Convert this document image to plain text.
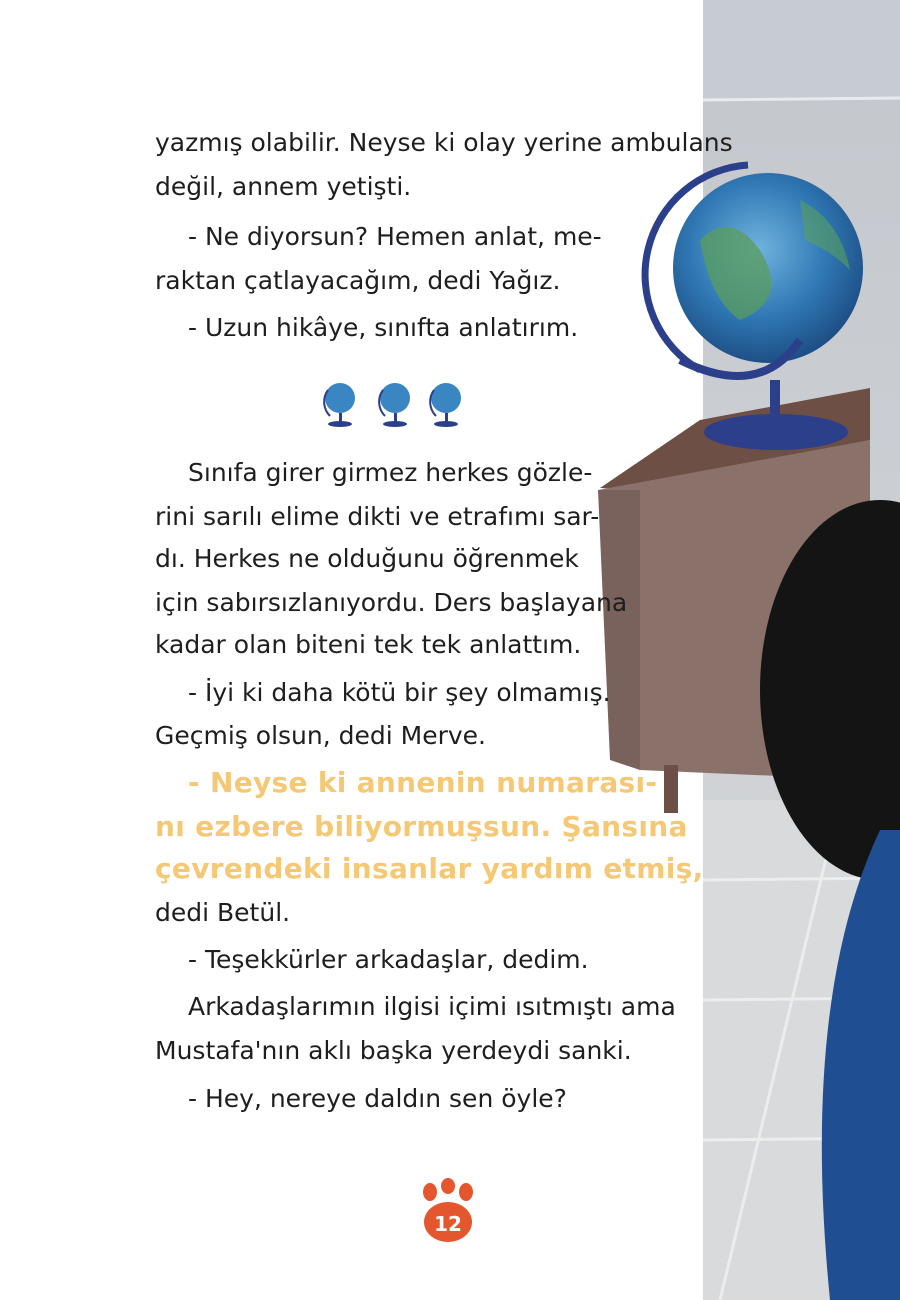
yazmış olabilir. Neyse ki olay yerine ambulans
değil, annem yetişti.
- Ne diyorsun? Hemen anlat, me-
raktan çatlayacağım, dedi Yağız.
- Uzun hikâye, sınıfta anlatırım.
Sınıfa girer girmez herkes gözle-
rini sarılı elime dikti ve etrafımı sar-
dı. Herkes ne olduğunu öğrenmek
için sabırsızlanıyordu. Ders başlayana
kadar olan biteni tek tek anlattım.
- İyi ki daha kötü bir şey olmamış.
Geçmiş olsun, dedi Merve.
- Neyse ki annenin numarası-
nı ezbere biliyormuşsun. Şansına
çevrendeki insanlar yardım etmiş,
dedi Betül.
- Teşekkürler arkadaşlar, dedim.
Arkadaşlarımın ilgisi içimi ısıtmıştı ama
Mustafa'nın aklı başka yerdeydi sanki.
- Hey, nereye daldın sen öyle?
12
